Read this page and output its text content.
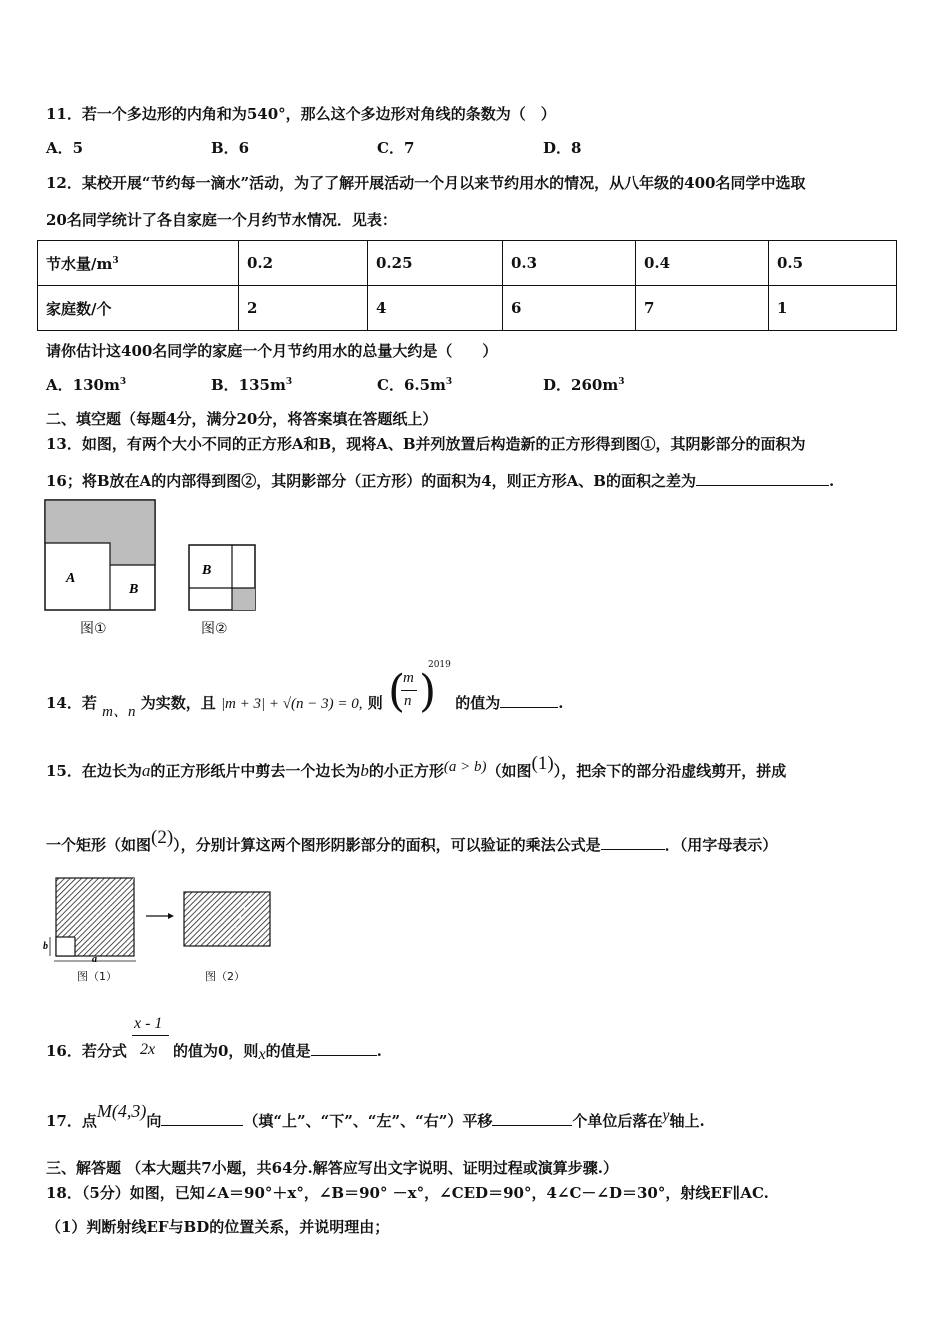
11．若一个多边形的内角和为540°，那么这个多边形对角线的条数为（　）
A．5	B．6	C．7	D．8
12．某校开展“节约每一滴水”活动，为了了解开展活动一个月以来节约用水的情况，从八年级的400名同学中选取
20名同学统计了各自家庭一个月约节水情况．见表：
节水量$/m^3$	0.2	0.25	0.3	0.4	0.5
家庭数/个	2	4	6	7	1
请你估计这400名同学的家庭一个月节约用水的总量大约是（　　）
A．$130m^3$	B．$135m^3$	C．$6.5m^3$	D．$260m^3$
二、填空题（每题4分，满分20分，将答案填在答题纸上）
13．如图，有两个大小不同的正方形A和B，现将A、B并列放置后构造新的正方形得到图①，其阴影部分的面积为
16；将B放在A的内部得到图②，其阴影部分（正方形）的面积为4，则正方形A、B的面积之差为	.
A
B
图①
B
图②
14．若 m、n 为实数，且 |m + 3| + √(n − 3) = 0, 则 (
m
n )
2019
的值为	.
15．在边长为a的正方形纸片中剪去一个边长为b的小正方形(a > b)（如图(1)），把余下的部分沿虚线剪开，拼成
一个矩形（如图(2)），分别计算这两个图形阴影部分的面积，可以验证的乘法公式是	．（用字母表示）
a
b
图（1）	图（2）
x - 1
2x
16．若分式	的值为0，则x的值是	.
17．点M(4,3)向	（填“上”、“下”、“左”、“右”）平移	个单位后落在y轴上.
三、解答题 （本大题共7小题，共64分.解答应写出文字说明、证明过程或演算步骤.）
18．（5分）如图，已知∠A＝90°＋x°，∠B＝90° －x°，∠CED＝90°，4∠C－∠D＝30°，射线EF∥AC.
（1）判断射线EF与BD的位置关系，并说明理由；
